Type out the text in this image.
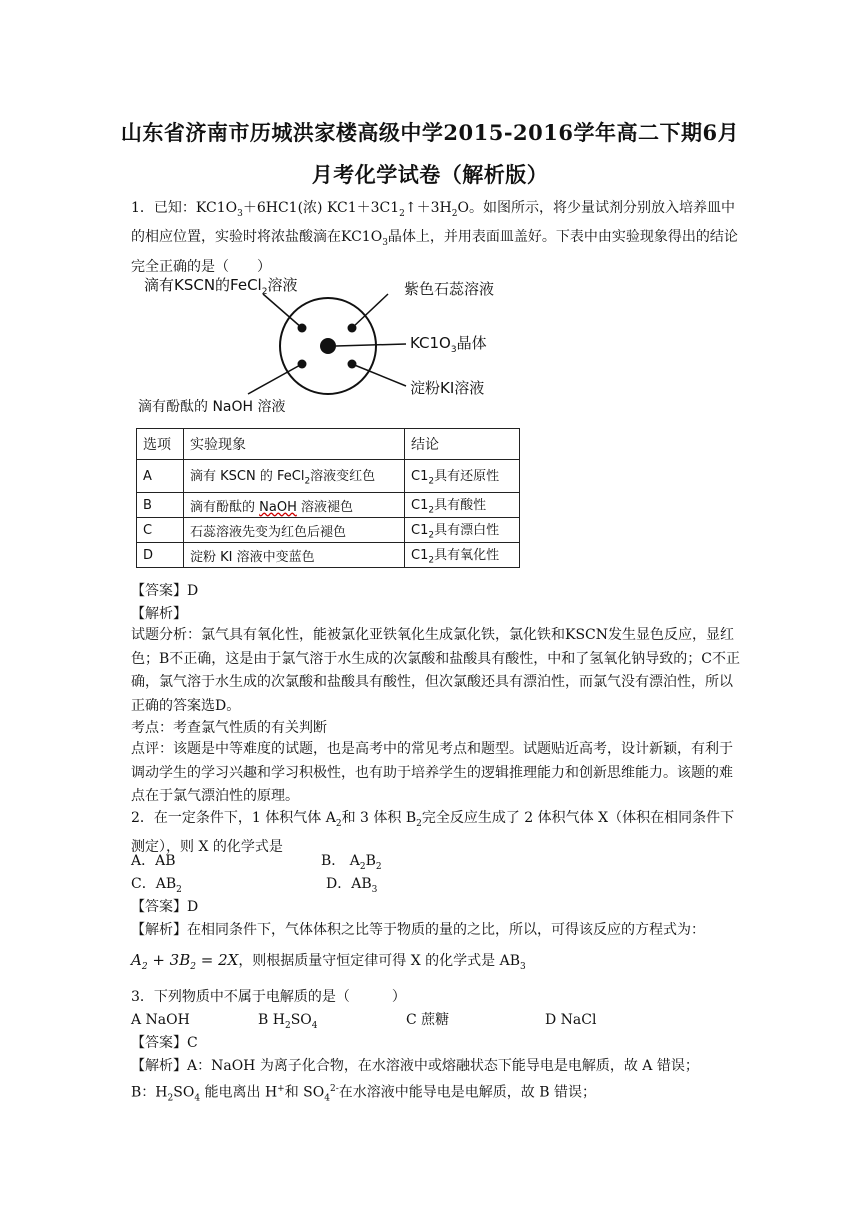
山东省济南市历城洪家楼高级中学2015-2016学年高二下期6月
月考化学试卷（解析版）
1．已知：$KC1O_3+6HC1$(浓) $KC1+3C1_2↑+3H_2O$。如图所示，将少量试剂分别放入培养皿中的相应位置，实验时将浓盐酸滴在$KC1O_3$晶体上，并用表面皿盖好。下表中由实验现象得出的结论完全正确的是（　　）
滴有KSCN的FeCl$_2$溶液	紫色石蕊溶液
$KC1O_3$晶体
淀粉KI溶液
滴有酚酞的 NaOH 溶液
选项	实验现象	结论
A	滴有 KSCN 的 FeCl$_2$溶液变红色	$C1_2$具有还原性
B	滴有酚酞的 NaOH 溶液褪色	$C1_2$具有酸性
C	石蕊溶液先变为红色后褪色	$C1_2$具有漂白性
D	淀粉 KI 溶液中变蓝色	$C1_2$具有氧化性
【答案】D
【解析】
试题分析：氯气具有氧化性，能被氯化亚铁氧化生成氯化铁，氯化铁和KSCN发生显色反应，显红色；B不正确，这是由于氯气溶于水生成的次氯酸和盐酸具有酸性，中和了氢氧化钠导致的；C不正确，氯气溶于水生成的次氯酸和盐酸具有酸性，但次氯酸还具有漂泊性，而氯气没有漂泊性，所以正确的答案选D。
考点：考查氯气性质的有关判断
点评：该题是中等难度的试题，也是高考中的常见考点和题型。试题贴近高考，设计新颖，有利于调动学生的学习兴趣和学习积极性，也有助于培养学生的逻辑推理能力和创新思维能力。该题的难点在于氯气漂泊性的原理。
2．在一定条件下，1 体积气体 $A_2$和 3 体积 $B_2$完全反应生成了 2 体积气体 X（体积在相同条件下测定），则 X 的化学式是
A．AB	B． $A_2B_2$
C．$AB_2$	D．$AB_3$
【答案】D
【解析】在相同条件下，气体体积之比等于物质的量的之比，所以，可得该反应的方程式为：
$A_2 + 3B_2 = 2X$，则根据质量守恒定律可得 X 的化学式是 $AB_3$
3．下列物质中不属于电解质的是（　　　）
A NaOH	B $H_2SO_4$	C 蔗糖	D NaCl
【答案】C
【解析】A：NaOH 为离子化合物，在水溶液中或熔融状态下能导电是电解质，故 A 错误；
B：$H_2SO_4$ 能电离出 H+和 $SO_4^{2-}$在水溶液中能导电是电解质，故 B 错误；
